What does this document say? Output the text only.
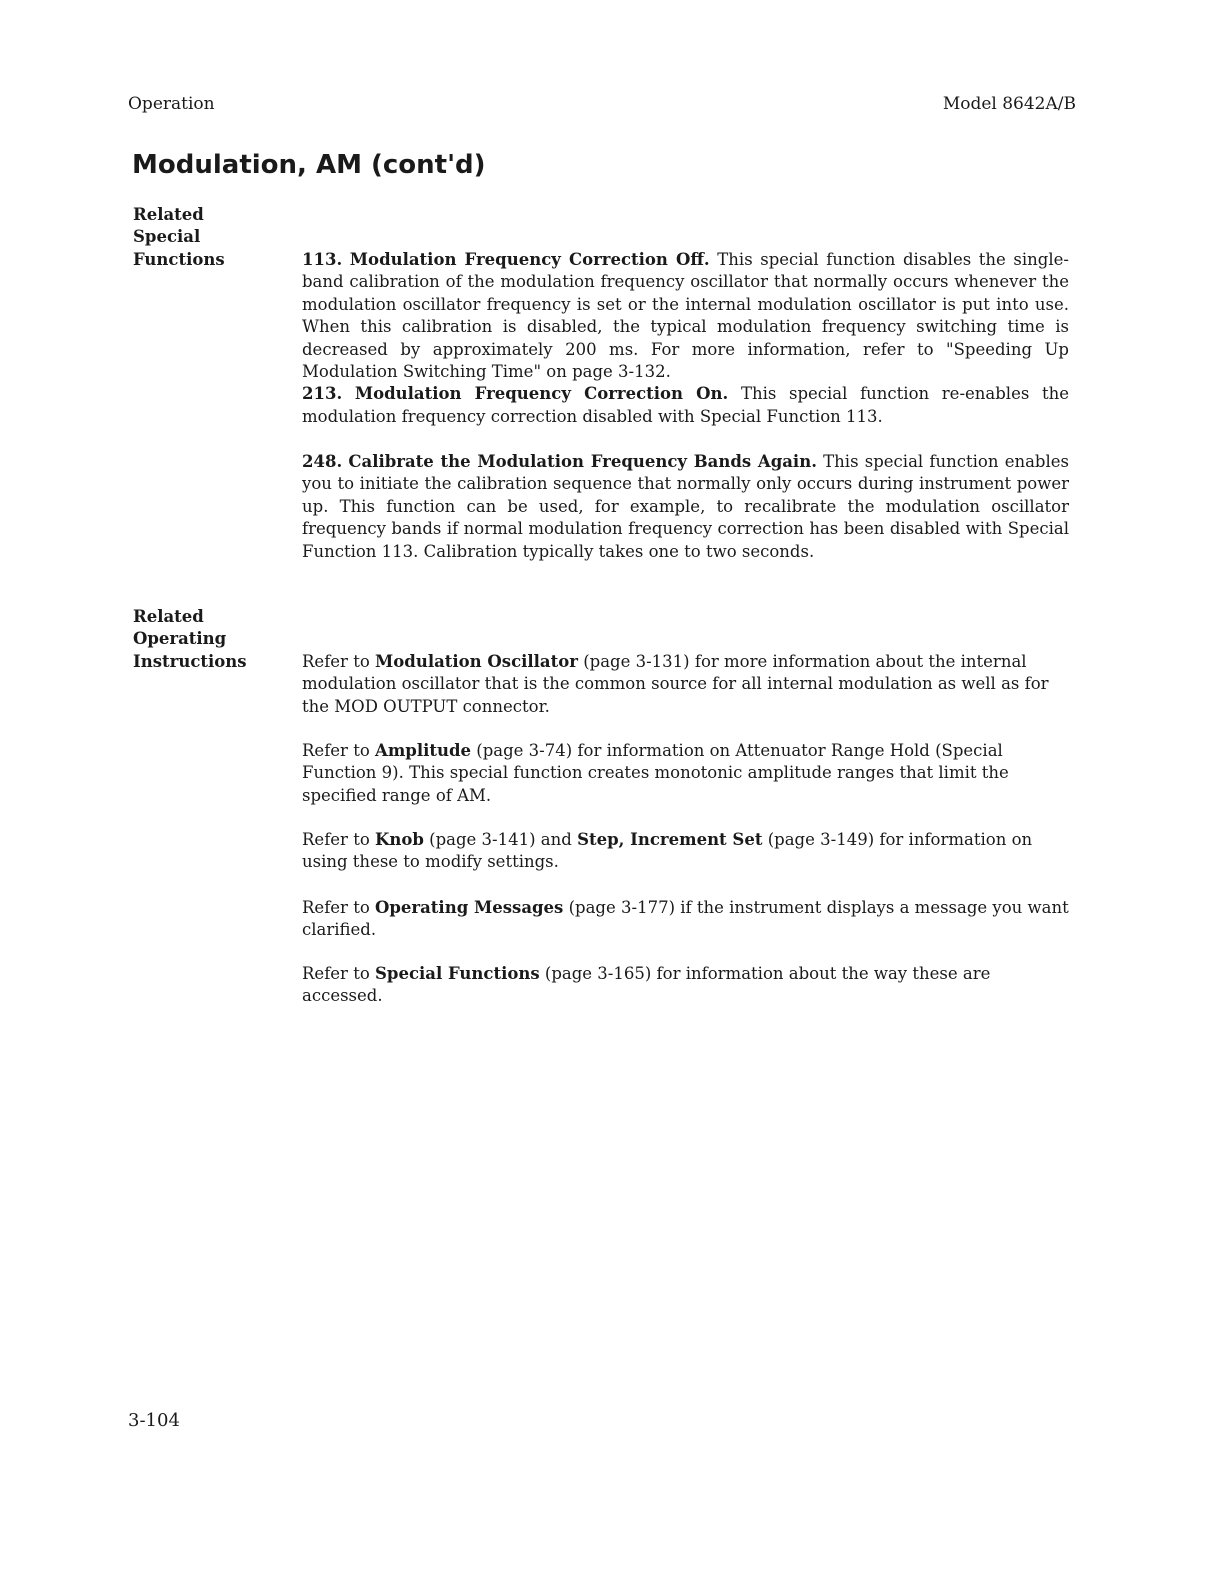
Operation	Model 8642A/B
Modulation, AM (cont'd)
Related
Special
Functions	113. Modulation Frequency Correction Off. This special function disables the single-band calibration of the modulation frequency oscillator that normally occurs whenever the modulation oscillator frequency is set or the internal modulation oscillator is put into use. When this calibration is disabled, the typical modulation frequency switching time is decreased by approximately 200 ms. For more information, refer to "Speeding Up Modulation Switching Time" on page 3-132.

213. Modulation Frequency Correction On. This special function re-enables the modulation frequency correction disabled with Special Function 113.

248. Calibrate the Modulation Frequency Bands Again. This special function enables you to initiate the calibration sequence that normally only occurs during instrument power up. This function can be used, for example, to recalibrate the modulation oscillator frequency bands if normal modulation frequency correction has been disabled with Special Function 113. Calibration typically takes one to two seconds.

Related
Operating
Instructions	Refer to Modulation Oscillator (page 3-131) for more information about the internal modulation oscillator that is the common source for all internal modulation as well as for the MOD OUTPUT connector.

Refer to Amplitude (page 3-74) for information on Attenuator Range Hold (Special Function 9). This special function creates monotonic amplitude ranges that limit the specified range of AM.

Refer to Knob (page 3-141) and Step, Increment Set (page 3-149) for information on using these to modify settings.

Refer to Operating Messages (page 3-177) if the instrument displays a message you want clarified.

Refer to Special Functions (page 3-165) for information about the way these are accessed.

3-104
